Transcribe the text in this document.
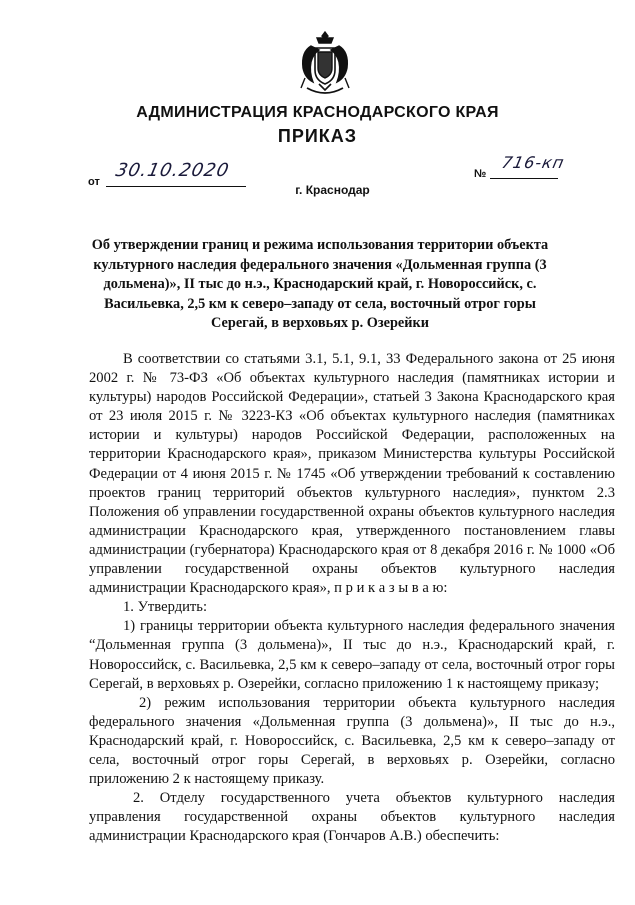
АДМИНИСТРАЦИЯ КРАСНОДАРСКОГО КРАЯ
ПРИКАЗ
от
30.10.2020	№
716-кп
г. Краснодар
Об утверждении границ и режима использования территории объекта культурного наследия федерального значения «Дольменная группа (3 дольмена)», II тыс до н.э., Краснодарский край, г. Новороссийск, с. Васильевка, 2,5 км к северо–западу от села, восточный отрог горы Серегай, в верховьях р. Озерейки

В соответствии со статьями 3.1, 5.1, 9.1, 33 Федерального закона от 25 июня 2002 г. № 73-ФЗ «Об объектах культурного наследия (памятниках истории и культуры) народов Российской Федерации», статьей 3 Закона Краснодарского края от 23 июля 2015 г. № 3223-КЗ «Об объектах культурного наследия (памятниках истории и культуры) народов Российской Федерации, расположенных на территории Краснодарского края», приказом Министерства культуры Российской Федерации от 4 июня 2015 г. № 1745 «Об утверждении требований к составлению проектов границ территорий объектов культурного наследия», пунктом 2.3 Положения об управлении государственной охраны объектов культурного наследия администрации Краснодарского края, утвержденного постановлением главы администрации (губернатора) Краснодарского края от 8 декабря 2016 г. № 1000 «Об управлении государственной охраны объектов культурного наследия администрации Краснодарского края», п р и к а з ы в а ю:

1. Утвердить:

1) границы территории объекта культурного наследия федерального значения “Дольменная группа (3 дольмена)», II тыс до н.э., Краснодарский край, г. Новороссийск, с. Васильевка, 2,5 км к северо–западу от села, восточный отрог горы Серегай, в верховьях р. Озерейки, согласно приложению 1 к настоящему приказу;

2) режим использования территории объекта культурного наследия федерального значения «Дольменная группа (3 дольмена)», II тыс до н.э., Краснодарский край, г. Новороссийск, с. Васильевка, 2,5 км к северо–западу от села, восточный отрог горы Серегай, в верховьях р. Озерейки, согласно приложению 2 к настоящему приказу.

2. Отделу государственного учета объектов культурного наследия управления государственной охраны объектов культурного наследия администрации Краснодарского края (Гончаров А.В.) обеспечить:
